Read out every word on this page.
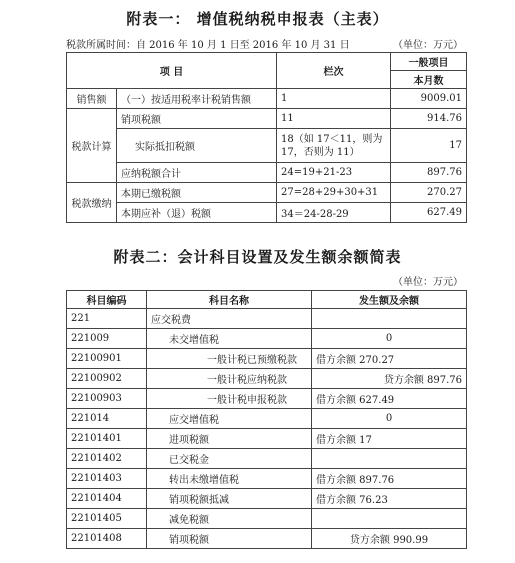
附表一： 增值税纳税申报表（主表）
税款所属时间：自 2016 年 10 月 1 日至 2016 年 10 月 31 日	（单位：万元）
项 目		栏次	一般项目
			本月数
销售额	（一）按适用税率计税销售额	1	9009.01
税款计算	销项税额	11	914.76
	实际抵扣税额	18（如 17＜11，则为 17，否则为 11）	17
	应纳税额合计	24=19+21-23	897.76
税款缴纳	本期已缴税额	27=28+29+30+31	270.27
	本期应补（退）税额	34＝24-28-29	627.49
附表二：会计科目设置及发生额余额简表
（单位：万元）
科目编码	科目名称	发生额及余额
221	应交税费	
221009	未交增值税	0
22100901	一般计税已预缴税款	借方余额 270.27
22100902	一般计税应纳税款	贷方余额 897.76
22100903	一般计税申报税款	借方余额 627.49
221014	应交增值税	0
22101401	进项税额	借方余额 17
22101402	已交税金	
22101403	转出未缴增值税	借方余额 897.76
22101404	销项税额抵减	借方余额 76.23
22101405	减免税额	
22101408	销项税额	贷方余额 990.99
